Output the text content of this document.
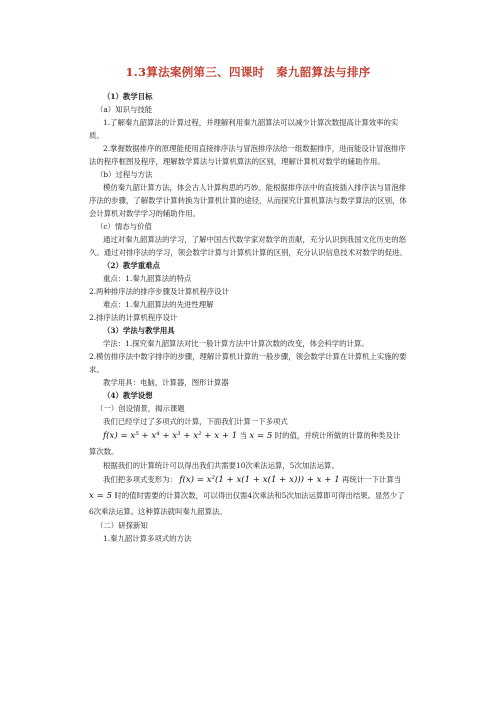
1.3算法案例第三、四课时　秦九韶算法与排序

（1）教学目标

（a）知识与技能

1.了解秦九韶算法的计算过程，并理解利用秦九韶算法可以减少计算次数提高计算效率的实质。

2.掌握数据排序的原理能使用直接排序法与冒泡排序法给一组数据排序，进而能设计冒泡排序法的程序框图及程序，理解数学算法与计算机算法的区别，理解计算机对数学的辅助作用。

（b）过程与方法

模仿秦九韶计算方法，体会古人计算构思的巧妙。能根据排序法中的直接插入排序法与冒泡排序法的步骤，了解数学计算转换为计算机计算的途径，从而探究计算机算法与数学算法的区别，体会计算机对数学学习的辅助作用。

（c）情态与价值

通过对秦九韶算法的学习，了解中国古代数学家对数学的贡献，充分认识到我国文化历史的悠久。通过对排序法的学习，领会数学计算与计算机计算的区别，充分认识信息技术对数学的促进。

（2）教学重难点

重点：1.秦九韶算法的特点

2.两种排序法的排序步骤及计算机程序设计

难点：1.秦九韶算法的先进性理解

2.排序法的计算机程序设计

（3）学法与教学用具

学法：1.探究秦九韶算法对比一般计算方法中计算次数的改变，体会科学的计算。

2.模仿排序法中数字排序的步骤，理解计算机计算的一般步骤，领会数学计算在计算机上实施的要求。

教学用具：电脑，计算器，图形计算器

（4）教学设想

（一）创设情景，揭示课题

我们已经学过了多项式的计算，下面我们计算一下多项式

f(x) = x⁵ + x⁴ + x³ + x² + x + 1 当 x = 5 时的值，并统计所做的计算的种类及计算次数。

根据我们的计算统计可以得出我们共需要10次乘法运算，5次加法运算。

我们把多项式变形为： f(x) = x²(1 + x(1 + x(1 + x))) + x + 1 再统计一下计算当 x = 5 时的值时需要的计算次数，可以得出仅需4次乘法和5次加法运算即可得出结果。显然少了6次乘法运算。这种算法就叫秦九韶算法。

（二）研探新知

1.秦九韶计算多项式的方法
